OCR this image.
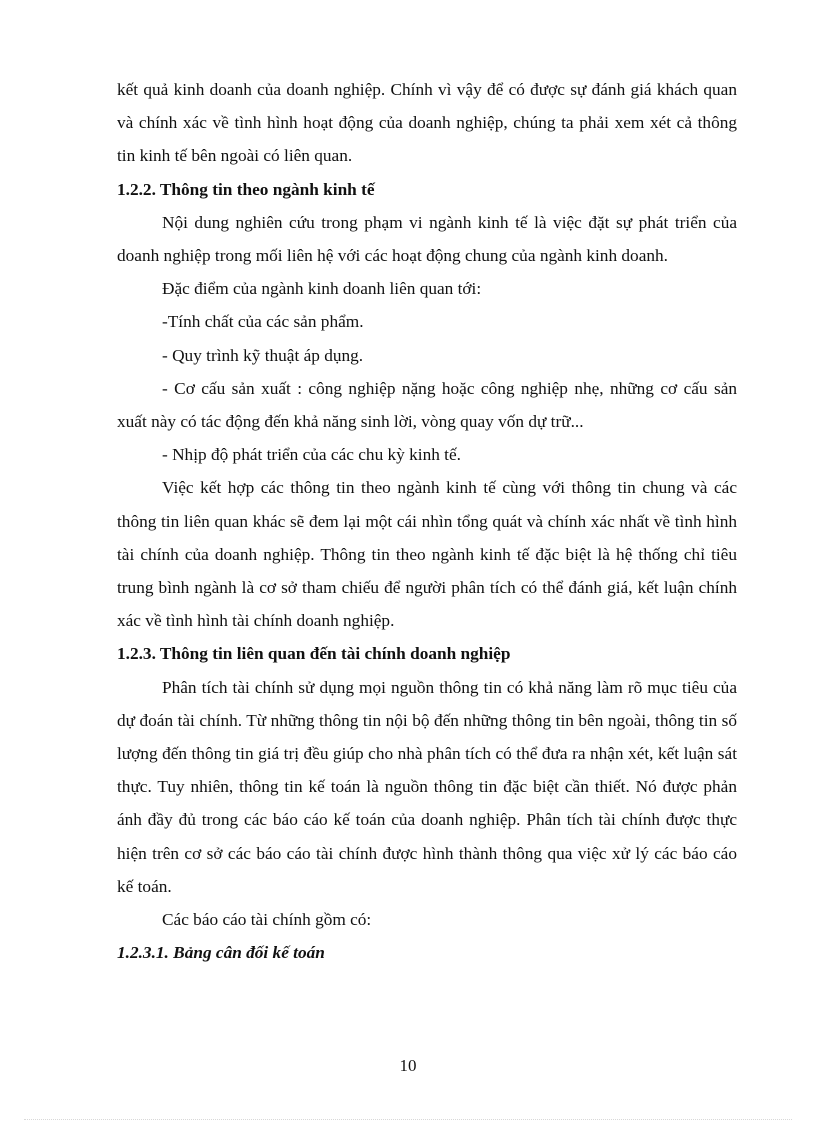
kết quả kinh doanh của doanh nghiệp. Chính vì vậy để có được sự đánh giá khách quan và chính xác về tình hình hoạt động của doanh nghiệp, chúng ta phải xem xét cả thông tin kinh tế bên ngoài có liên quan.

1.2.2. Thông tin theo ngành kinh tế

Nội dung nghiên cứu trong phạm vi ngành kinh tế là việc đặt sự phát triển của doanh nghiệp trong mối liên hệ với các hoạt động chung của ngành kinh doanh.

Đặc điểm của ngành kinh doanh liên quan tới:

-Tính chất của các sản phẩm.

- Quy trình kỹ thuật áp dụng.

- Cơ cấu sản xuất : công nghiệp nặng hoặc công nghiệp nhẹ, những cơ cấu sản xuất này có tác động đến khả năng sinh lời, vòng quay vốn dự trữ...

- Nhịp độ phát triển của các chu kỳ kinh tế.

Việc kết hợp các thông tin theo ngành kinh tế cùng với thông tin chung và các thông tin liên quan khác sẽ đem lại một cái nhìn tổng quát và chính xác nhất về tình hình tài chính của doanh nghiệp. Thông tin theo ngành kinh tế đặc biệt là hệ thống chỉ tiêu trung bình ngành là cơ sở tham chiếu để người phân tích có thể đánh giá, kết luận chính xác về tình hình tài chính doanh nghiệp.

1.2.3. Thông tin liên quan đến tài chính doanh nghiệp

Phân tích tài chính sử dụng mọi nguồn thông tin có khả năng làm rõ mục tiêu của dự đoán tài chính. Từ những thông tin nội bộ đến những thông tin bên ngoài, thông tin số lượng đến thông tin giá trị đều giúp cho nhà phân tích có thể đưa ra nhận xét, kết luận sát thực. Tuy nhiên, thông tin kế toán là nguồn thông tin đặc biệt cần thiết. Nó được phản ánh đầy đủ trong các báo cáo kế toán của doanh nghiệp. Phân tích tài chính được thực hiện trên cơ sở các báo cáo tài chính được hình thành thông qua việc xử lý các báo cáo kế toán.

Các báo cáo tài chính gồm có:

1.2.3.1. Bảng cân đối kế toán

10
